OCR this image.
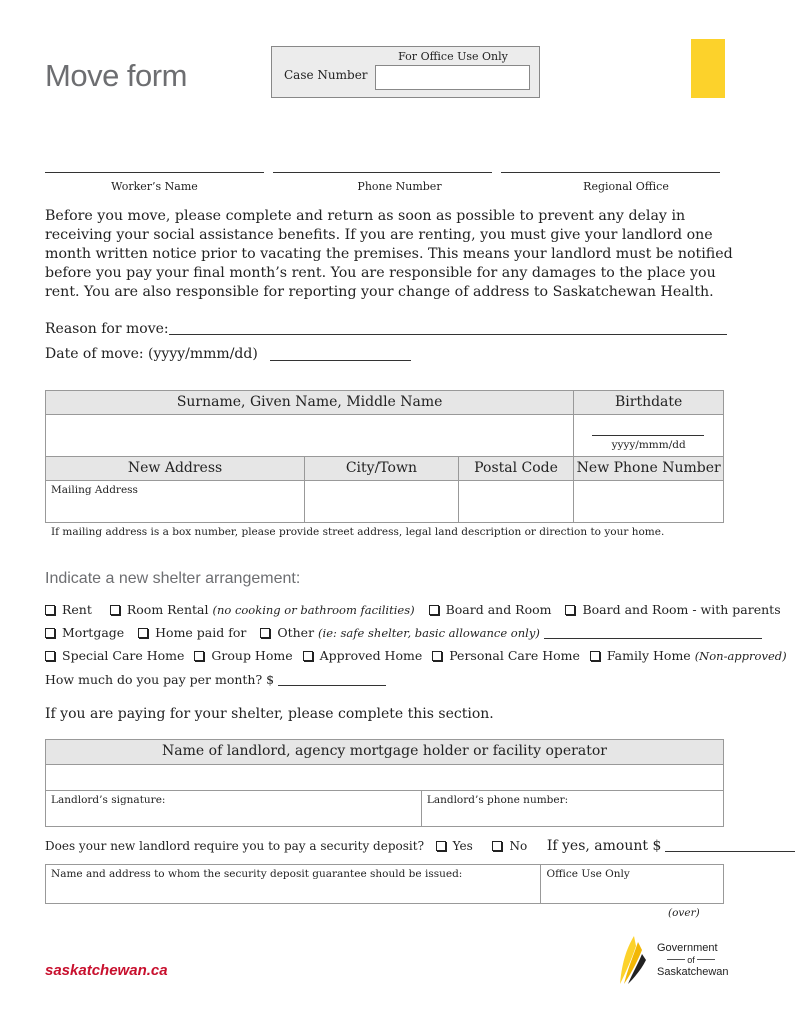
Move form
For Office Use Only
Case Number
Worker’s Name	Phone Number	Regional Office
Before you move, please complete and return as soon as possible to prevent any delay in receiving your social assistance benefits. If you are renting, you must give your landlord one month written notice prior to vacating the premises. This means your landlord must be notified before you pay your final month’s rent. You are responsible for any damages to the place you rent. You are also responsible for reporting your change of address to Saskatchewan Health.
Reason for move:
Date of move: (yyyy/mmm/dd)
Surname, Given Name, Middle Name	Birthdate

	yyyy/mmm/dd
New Address	City/Town	Postal Code	New Phone Number

Mailing Address			

If mailing address is a box number, please provide street address, legal land description or direction to your home.
Indicate a new shelter arrangement:
Rent	Room Rental (no cooking or bathroom facilities) Board and Room Board and Room - with parents
Mortgage Home paid for Other (ie: safe shelter, basic allowance only)
Special Care Home Group Home Approved Home Personal Care Home Family Home (Non-approved)
How much do you pay per month? $
If you are paying for your shelter, please complete this section.
Name of landlord, agency mortgage holder or facility operator

Landlord’s signature:	Landlord’s phone number:
Does your new landlord require you to pay a security deposit? Yes	No If yes, amount $
Name and address to whom the security deposit guarantee should be issued:	Office Use Only
(over)
saskatchewan.ca
Government
of
Saskatchewan
